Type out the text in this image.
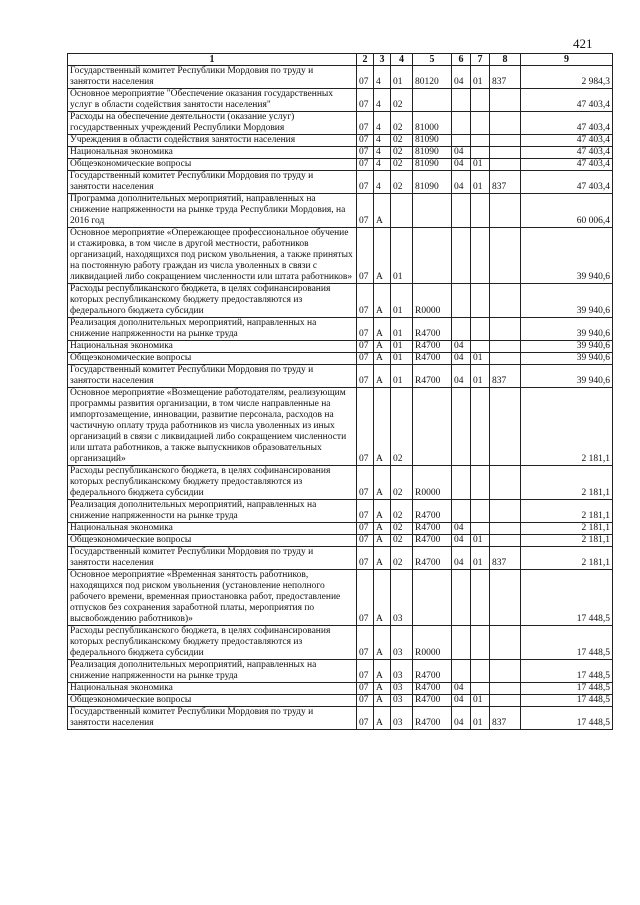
421
1	2	3	4	5	6	7	8	9
Государственный комитет Республики Мордовия по труду и занятости населения	07	4	01	80120	04	01	837	2 984,3
Основное мероприятие "Обеспечение оказания государственных услуг в области содействия занятости населения"	07	4	02					47 403,4
Расходы на обеспечение деятельности (оказание услуг) государственных учреждений Республики Мордовия	07	4	02	81000				47 403,4
Учреждения в области содействия занятости населения	07	4	02	81090				47 403,4
Национальная экономика	07	4	02	81090	04			47 403,4
Общеэкономические вопросы	07	4	02	81090	04	01		47 403,4
Государственный комитет Республики Мордовия по труду и занятости населения	07	4	02	81090	04	01	837	47 403,4
Программа дополнительных мероприятий, направленных на снижение напряженности на рынке труда Республики Мордовия, на 2016 год	07	А						60 006,4
Основное мероприятие «Опережающее профессиональное обучение и стажировка, в том числе в другой местности, работников организаций, находящихся под риском увольнения, а также принятых на постоянную работу граждан из числа уволенных в связи с ликвидацией либо сокращением численности или штата работников»	07	А	01					39 940,6
Расходы республиканского бюджета, в целях софинансирования которых республиканскому бюджету предоставляются из федерального бюджета субсидии	07	А	01	R0000				39 940,6
Реализация дополнительных мероприятий, направленных на снижение напряженности на рынке труда	07	А	01	R4700				39 940,6
Национальная экономика	07	А	01	R4700	04			39 940,6
Общеэкономические вопросы	07	А	01	R4700	04	01		39 940,6
Государственный комитет Республики Мордовия по труду и занятости населения	07	А	01	R4700	04	01	837	39 940,6
Основное мероприятие «Возмещение работодателям, реализующим программы развития организации, в том числе направленные на импортозамещение, инновации, развитие персонала, расходов на частичную оплату труда работников из числа уволенных из иных организаций в связи с ликвидацией либо сокращением численности или штата работников, а также выпускников образовательных организаций»	07	А	02					2 181,1
Расходы республиканского бюджета, в целях софинансирования которых республиканскому бюджету предоставляются из федерального бюджета субсидии	07	А	02	R0000				2 181,1
Реализация дополнительных мероприятий, направленных на снижение напряженности на рынке труда	07	А	02	R4700				2 181,1
Национальная экономика	07	А	02	R4700	04			2 181,1
Общеэкономические вопросы	07	А	02	R4700	04	01		2 181,1
Государственный комитет Республики Мордовия по труду и занятости населения	07	А	02	R4700	04	01	837	2 181,1
Основное мероприятие «Временная занятость работников, находящихся под риском увольнения (установление неполного рабочего времени, временная приостановка работ, предоставление отпусков без сохранения заработной платы, мероприятия по высвобождению работников)»	07	А	03					17 448,5
Расходы республиканского бюджета, в целях софинансирования которых республиканскому бюджету предоставляются из федерального бюджета субсидии	07	А	03	R0000				17 448,5
Реализация дополнительных мероприятий, направленных на снижение напряженности на рынке труда	07	А	03	R4700				17 448,5
Национальная экономика	07	А	03	R4700	04			17 448,5
Общеэкономические вопросы	07	А	03	R4700	04	01		17 448,5
Государственный комитет Республики Мордовия по труду и занятости населения	07	А	03	R4700	04	01	837	17 448,5
